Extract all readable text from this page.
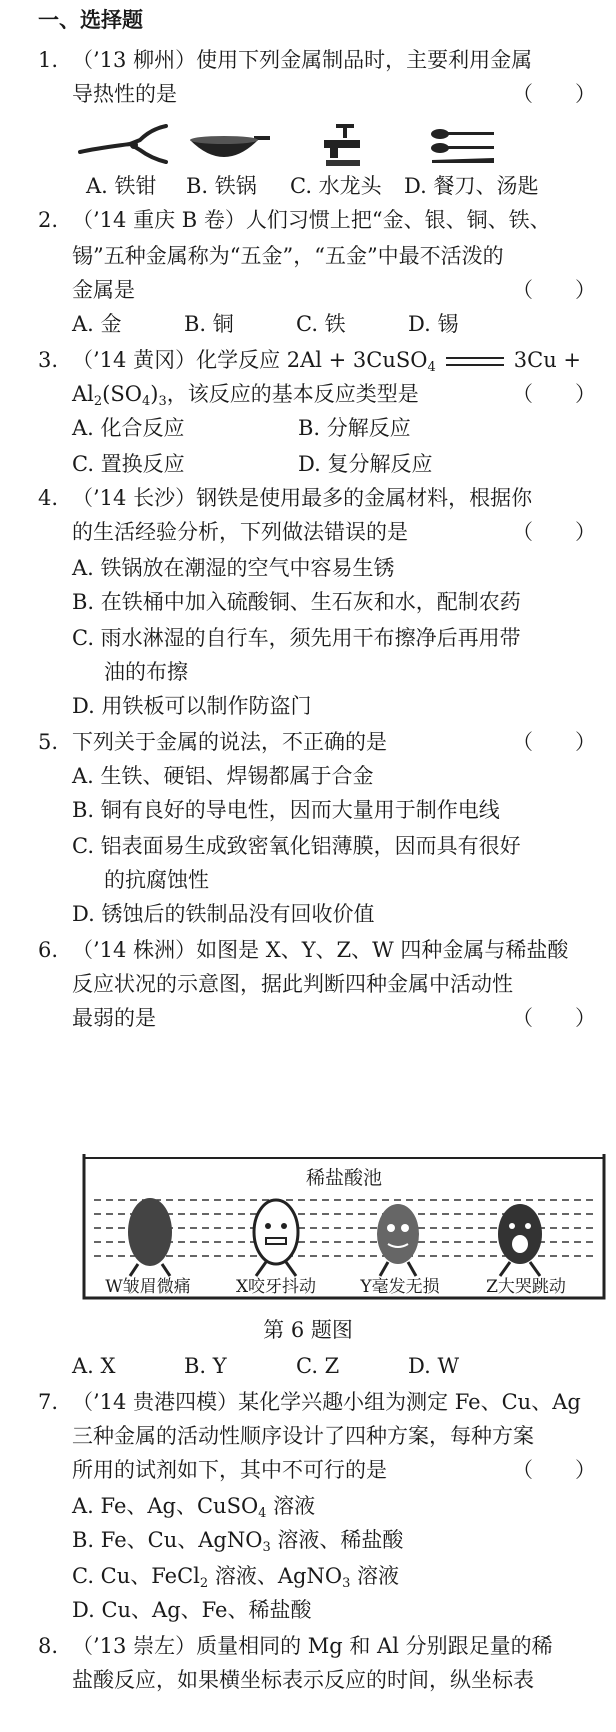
一、选择题
1. （’13 柳州）使用下列金属制品时，主要利用金属
导热性的是	（　　）
A. 铁钳 B. 铁锅 C. 水龙头 D. 餐刀、汤匙
2. （’14 重庆 B 卷）人们习惯上把“金、银、铜、铁、
锡”五种金属称为“五金”，“五金”中最不活泼的
金属是	（　　）
A. 金	B. 铜	C. 铁	D. 锡
3. （’14 黄冈）化学反应 2Al + 3CuSO$_4$	3Cu +
$Al_2(SO_4)_3$，该反应的基本反应类型是	（　　）
A. 化合反应	B. 分解反应
C. 置换反应	D. 复分解反应
4. （’14 长沙）钢铁是使用最多的金属材料，根据你
的生活经验分析，下列做法错误的是	（　　）
A. 铁锅放在潮湿的空气中容易生锈
B. 在铁桶中加入硫酸铜、生石灰和水，配制农药
C. 雨水淋湿的自行车，须先用干布擦净后再用带
油的布擦
D. 用铁板可以制作防盗门
5. 下列关于金属的说法，不正确的是	（　　）
A. 生铁、硬铝、焊锡都属于合金
B. 铜有良好的导电性，因而大量用于制作电线
C. 铝表面易生成致密氧化铝薄膜，因而具有很好
的抗腐蚀性
D. 锈蚀后的铁制品没有回收价值
6. （’14 株洲）如图是 X、Y、Z、W 四种金属与稀盐酸
反应状况的示意图，据此判断四种金属中活动性
最弱的是	（　　）
稀盐酸池
W皱眉微痛	X咬牙抖动	Y毫发无损	Z大哭跳动
第 6 题图
A. X	B. Y	C. Z	D. W
7. （’14 贵港四模）某化学兴趣小组为测定 Fe、Cu、Ag
三种金属的活动性顺序设计了四种方案，每种方案
所用的试剂如下，其中不可行的是	（　　）
A. Fe、Ag、CuSO$_4$ 溶液
B. Fe、Cu、AgNO$_3$ 溶液、稀盐酸
C. Cu、FeCl$_2$ 溶液、AgNO$_3$ 溶液
D. Cu、Ag、Fe、稀盐酸
8. （’13 崇左）质量相同的 Mg 和 Al 分别跟足量的稀
盐酸反应，如果横坐标表示反应的时间，纵坐标表
